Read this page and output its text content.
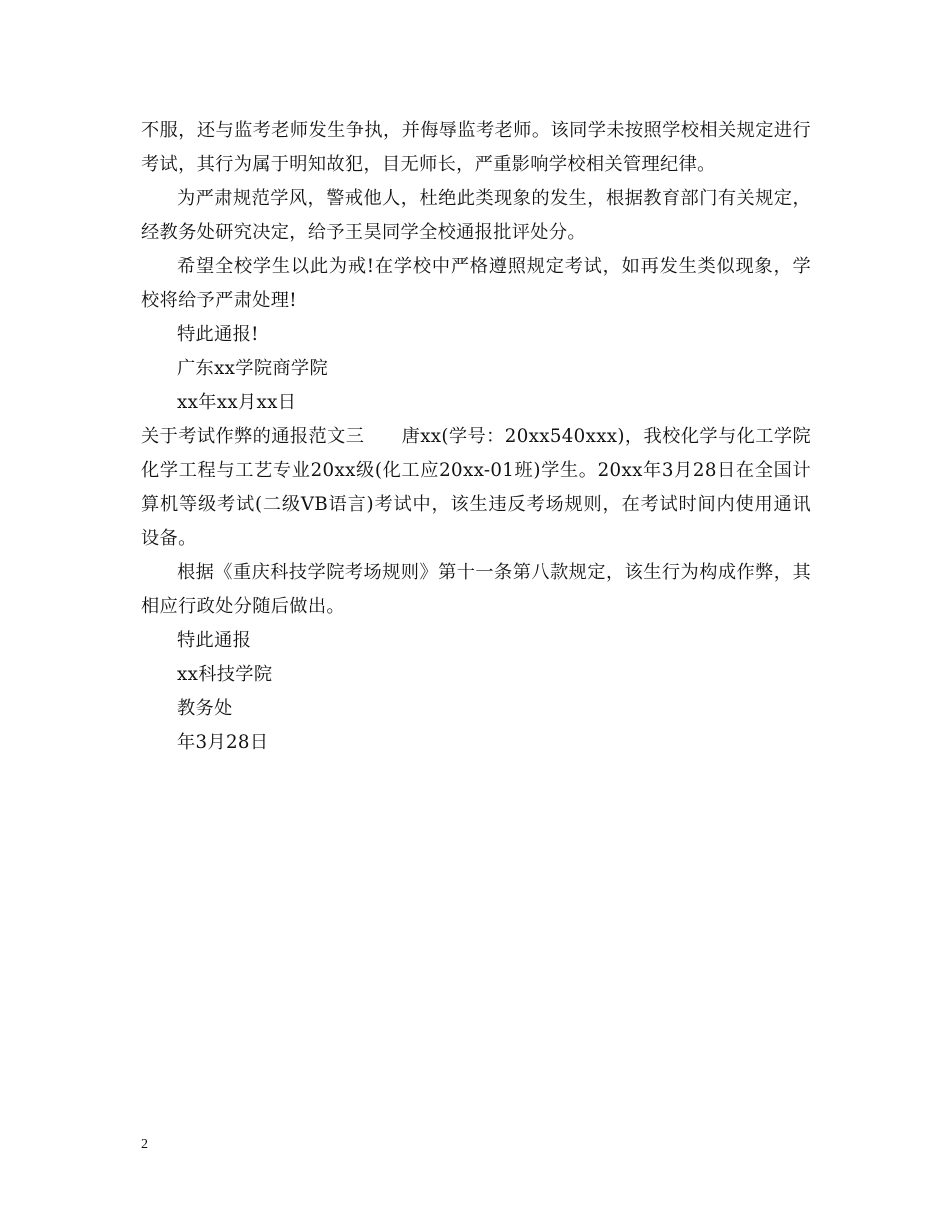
不服，还与监考老师发生争执，并侮辱监考老师。该同学未按照学校相关规定进行
考试，其行为属于明知故犯，目无师长，严重影响学校相关管理纪律。
为严肃规范学风，警戒他人，杜绝此类现象的发生，根据教育部门有关规定，
经教务处研究决定，给予王昊同学全校通报批评处分。
希望全校学生以此为戒!在学校中严格遵照规定考试，如再发生类似现象，学
校将给予严肃处理!
特此通报!
广东xx学院商学院
xx年xx月xx日
关于考试作弊的通报范文三　　唐xx(学号：20xx540xxx)，我校化学与化工学院
化学工程与工艺专业20xx级(化工应20xx-01班)学生。20xx年3月28日在全国计
算机等级考试(二级VB语言)考试中，该生违反考场规则，在考试时间内使用通讯
设备。
根据《重庆科技学院考场规则》第十一条第八款规定，该生行为构成作弊，其
相应行政处分随后做出。
特此通报
xx科技学院
教务处
年3月28日
2
